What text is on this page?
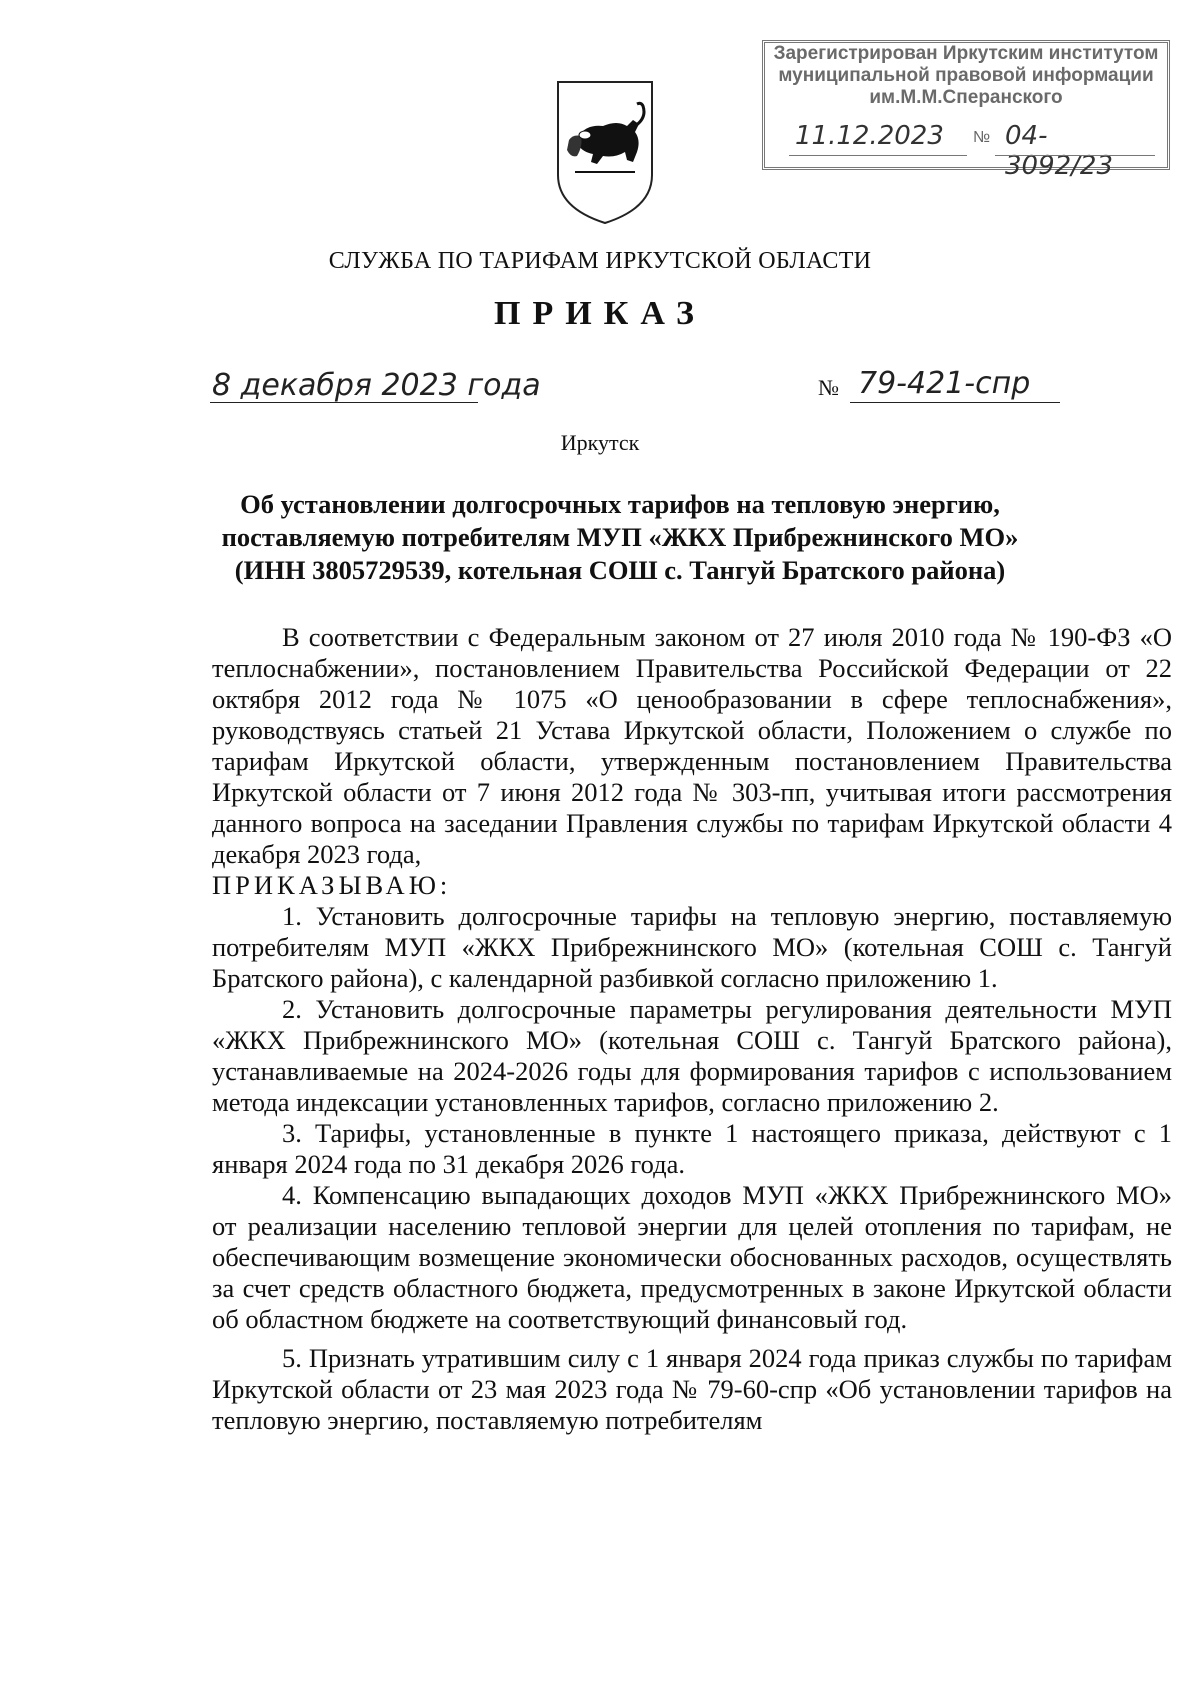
Зарегистрирован Иркутским институтом
муниципальной правовой информации
им.М.М.Сперанского
11.12.2023 № 04-3092/23
СЛУЖБА ПО ТАРИФАМ ИРКУТСКОЙ ОБЛАСТИ
ПРИКАЗ
8 декабря 2023 года	№ 79-421-спр
Иркутск
Об установлении долгосрочных тарифов на тепловую энергию,
поставляемую потребителям МУП «ЖКХ Прибрежнинского МО»
(ИНН 3805729539, котельная СОШ с. Тангуй Братского района)

В соответствии с Федеральным законом от 27 июля 2010 года № 190-ФЗ «О теплоснабжении», постановлением Правительства Российской Федерации от 22 октября 2012 года № 1075 «О ценообразовании в сфере теплоснабжения», руководствуясь статьей 21 Устава Иркутской области, Положением о службе по тарифам Иркутской области, утвержденным постановлением Правительства Иркутской области от 7 июня 2012 года № 303-пп, учитывая итоги рассмотрения данного вопроса на заседании Правления службы по тарифам Иркутской области 4 декабря 2023 года,

ПРИКАЗЫВАЮ:

1. Установить долгосрочные тарифы на тепловую энергию, поставляемую потребителям МУП «ЖКХ Прибрежнинского МО» (котельная СОШ с. Тангуй Братского района), с календарной разбивкой согласно приложению 1.

2. Установить долгосрочные параметры регулирования деятельности МУП «ЖКХ Прибрежнинского МО» (котельная СОШ с. Тангуй Братского района), устанавливаемые на 2024-2026 годы для формирования тарифов с использованием метода индексации установленных тарифов, согласно приложению 2.

3. Тарифы, установленные в пункте 1 настоящего приказа, действуют с 1 января 2024 года по 31 декабря 2026 года.

4. Компенсацию выпадающих доходов МУП «ЖКХ Прибрежнинского МО» от реализации населению тепловой энергии для целей отопления по тарифам, не обеспечивающим возмещение экономически обоснованных расходов, осуществлять за счет средств областного бюджета, предусмотренных в законе Иркутской области об областном бюджете на соответствующий финансовый год.

5. Признать утратившим силу с 1 января 2024 года приказ службы по тарифам Иркутской области от 23 мая 2023 года № 79-60-спр «Об установлении тарифов на тепловую энергию, поставляемую потребителям
